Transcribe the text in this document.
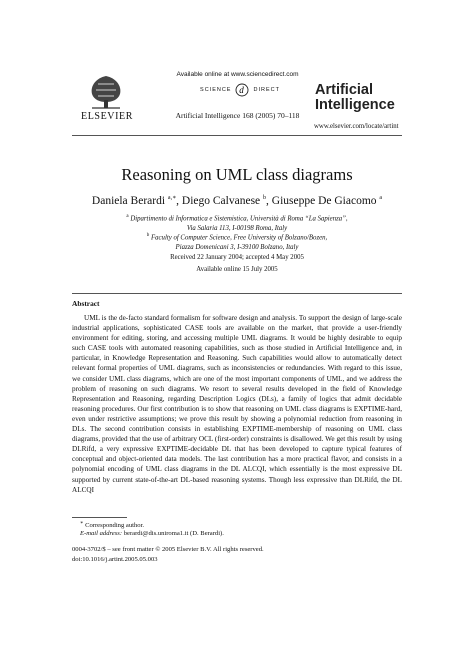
ELSEVIER
Available online at www.sciencedirect.com
SCIENCE d DIRECT
Artificial Intelligence 168 (2005) 70–118
Artificial
Intelligence
www.elsevier.com/locate/artint
Reasoning on UML class diagrams
Daniela Berardi $^{a,∗}$, Diego Calvanese $^b$, Giuseppe De Giacomo $^a$
$^a$ Dipartimento di Informatica e Sistemistica, Università di Roma “La Sapienza”,
Via Salaria 113, I-00198 Roma, Italy
$^b$ Faculty of Computer Science, Free University of Bolzano/Bozen,
Piazza Domenicani 3, I-39100 Bolzano, Italy
Received 22 January 2004; accepted 4 May 2005
Available online 15 July 2005
Abstract
UML is the de-facto standard formalism for software design and analysis. To support the design of large-scale industrial applications, sophisticated CASE tools are available on the market, that provide a user-friendly environment for editing, storing, and accessing multiple UML diagrams. It would be highly desirable to equip such CASE tools with automated reasoning capabilities, such as those studied in Artificial Intelligence and, in particular, in Knowledge Representation and Reasoning. Such capabilities would allow to automatically detect relevant formal properties of UML diagrams, such as inconsistencies or redundancies. With regard to this issue, we consider UML class diagrams, which are one of the most important components of UML, and we address the problem of reasoning on such diagrams. We resort to several results developed in the field of Knowledge Representation and Reasoning, regarding Description Logics (DLs), a family of logics that admit decidable reasoning procedures. Our first contribution is to show that reasoning on UML class diagrams is EXPTIME-hard, even under restrictive assumptions; we prove this result by showing a polynomial reduction from reasoning in DLs. The second contribution consists in establishing EXPTIME-membership of reasoning on UML class diagrams, provided that the use of arbitrary OCL (first-order) constraints is disallowed. We get this result by using DLRifd, a very expressive EXPTIME-decidable DL that has been developed to capture typical features of conceptual and object-oriented data models. The last contribution has a more practical flavor, and consists in a polynomial encoding of UML class diagrams in the DL ALCQI, which essentially is the most expressive DL supported by current state-of-the-art DL-based reasoning systems. Though less expressive than DLRifd, the DL ALCQI
∗ Corresponding author.
E-mail address: berardi@dis.uniroma1.it (D. Berardi).
0004-3702/$ – see front matter © 2005 Elsevier B.V. All rights reserved.
doi:10.1016/j.artint.2005.05.003
